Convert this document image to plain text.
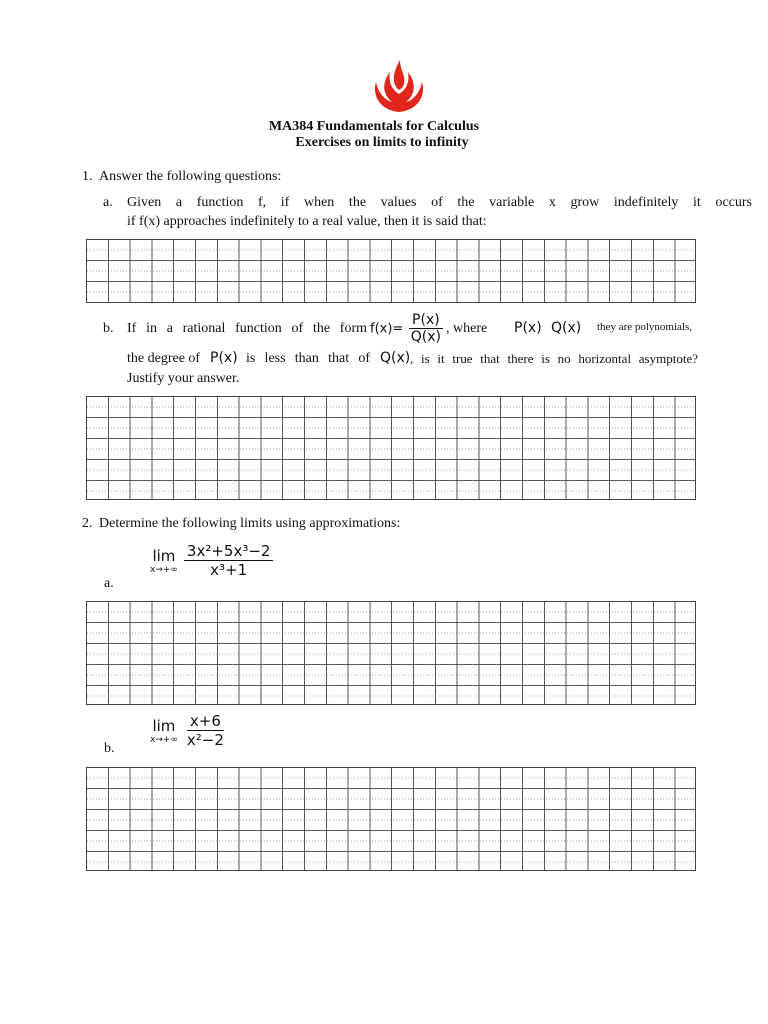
MA384 Fundamentals for Calculus
Exercises on limits to infinity
1. Answer the following questions:
a. Given a function f, if when the values of the variable x grow indefinitely it occurs
if f(x) approaches indefinitely to a real value, then it is said that:
b. If in a rational function of the form $f(x)= \frac{P(x)}{Q(x)}$ , where P(x) Q(x) they are polynomials,
the degree of P(x) is less than that of Q(x) , is it true that there is no horizontal asymptote?
Justify your answer.
2. Determine the following limits using approximations:
a.
lim
$x\to+\infty \frac{\text{3x²+5x³−2}}{\text{x³+1}}$
b.
lim
$x\to+\infty \frac{x+6}{\text{x²−2}}$
